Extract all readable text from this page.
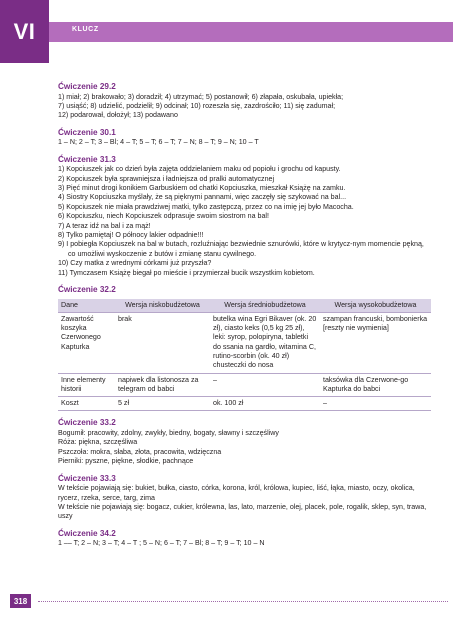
VI	KLUCZ
Ćwiczenie 29.2
1) miał; 2) brakowało; 3) doradził; 4) utrzymać; 5) postanowił; 6) złapała, oskubała, upiekła;
7) usiąść; 8) udzielić, podzielił; 9) odcinał; 10) rozeszła się, zazdrościło; 11) się zadumał;
12) podarował, dołożył; 13) podawano
Ćwiczenie 30.1
1 – N; 2 – T; 3 – Bl; 4 – T; 5 – T; 6 – T; 7 – N; 8 – T; 9 – N; 10 – T
Ćwiczenie 31.3
1) Kopciuszek jak co dzień była zajęta oddzielaniem maku od popiołu i grochu od kapusty.
2) Kopciuszek była sprawniejsza i ładniejsza od pralki automatycznej
3) Pięć minut drogi konikiem Garbuskiem od chatki Kopciuszka, mieszkał Książę na zamku.
4) Siostry Kopciuszka myślały, że są pięknymi pannami, więc zaczęły się szykować na bal...
5) Kopciuszek nie miała prawdziwej matki, tylko zastępczą, przez co na imię jej było Macocha.
6) Kopciuszku, niech Kopciuszek odprasuje swoim siostrom na bal!
7) A teraz idź na bal i za mąż!
8) Tylko pamiętaj! O północy lakier odpadnie!!!
9) I pobiegła Kopciuszek na bal w butach, rozluźniając bezwiednie sznurówki, które w krytycz-nym momencie pękną, co umożliwi wyskoczenie z butów i zmianę stanu cywilnego.
10) Czy matka z wrednymi córkami już przyszła?
11) Tymczasem Książę biegał po mieście i przymierzał bucik wszystkim kobietom.
Ćwiczenie 32.2
Dane	Wersja niskobudżetowa	Wersja średniobudżetowa	Wersja wysokobudżetowa
Zawartość koszyka Czerwonego Kapturka	brak	butelka wina Egri Bikaver (ok. 20 zł), ciasto keks (0,5 kg 25 zł), leki: syrop, polopiryna, tabletki do ssania na gardło, witamina C, rutino-scorbin (ok. 40 zł) chusteczki do nosa	szampan francuski, bombonierka [reszty nie wymienia]
Inne elementy historii	napiwek dla listonosza za telegram od babci	–	taksówka dla Czerwone-go Kapturka do babci
Koszt	5 zł	ok. 100 zł	–
Ćwiczenie 33.2
Bogumił: pracowity, zdolny, zwykły, biedny, bogaty, sławny i szczęśliwy
Róża: piękna, szczęśliwa
Pszczoła: mokra, słaba, złota, pracowita, wdzięczna
Pierniki: pyszne, piękne, słodkie, pachnące
Ćwiczenie 33.3
W tekście pojawiają się: bukiet, bułka, ciasto, córka, korona, król, królowa, kupiec, liść, łąka, miasto, oczy, okolica, rycerz, rzeka, serce, targ, zima
W tekście nie pojawiają się: bogacz, cukier, królewna, las, lato, marzenie, olej, placek, pole, rogalik, sklep, syn, trawa, uszy
Ćwiczenie 34.2
1 –– T; 2 – N; 3 – T; 4 – T ; 5 – N; 6 – T; 7 – Bl; 8 – T; 9 – T; 10 – N
318
